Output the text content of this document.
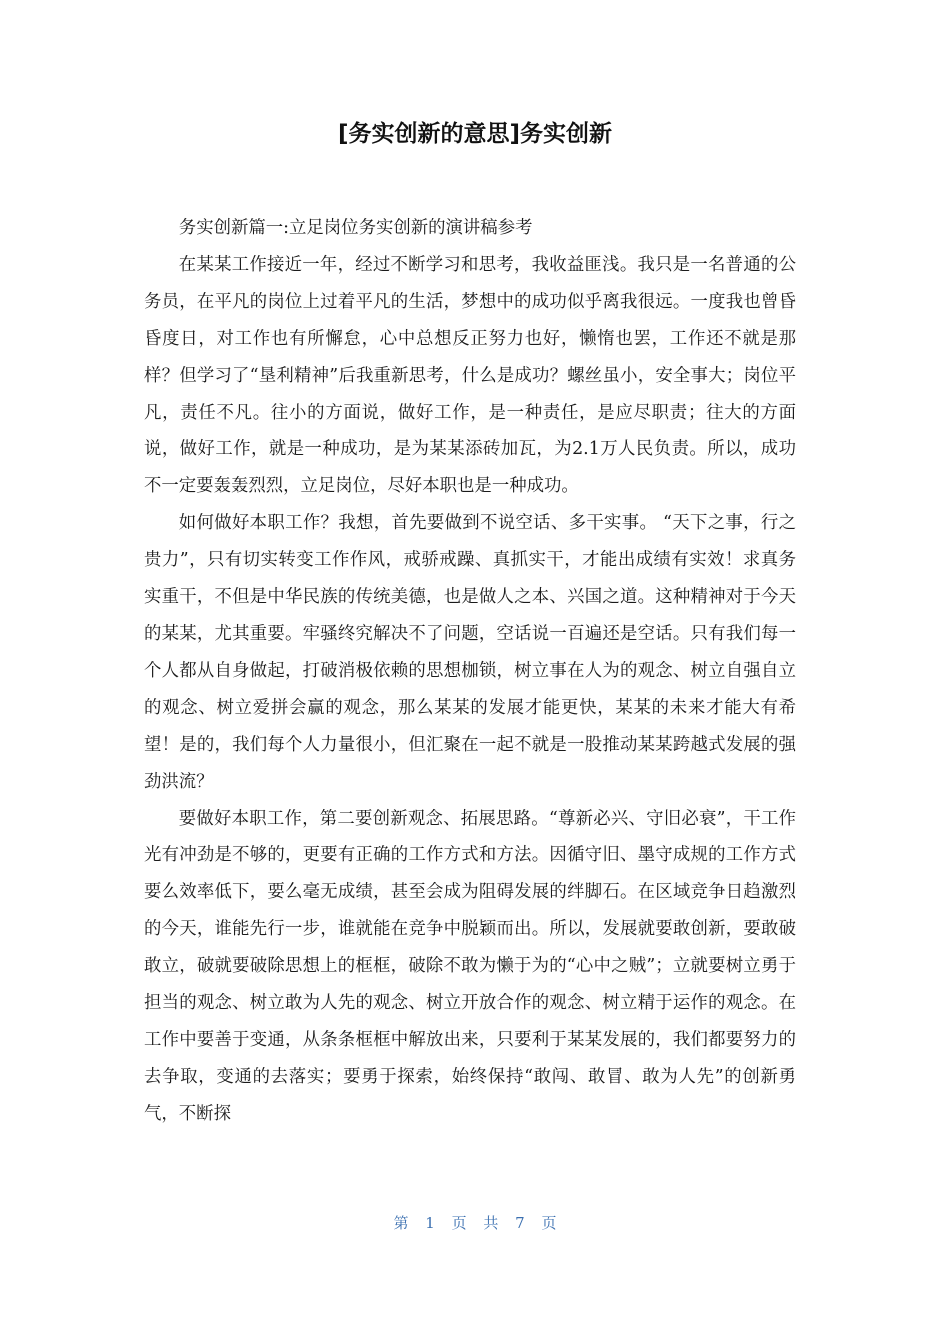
[务实创新的意思]务实创新

务实创新篇一:立足岗位务实创新的演讲稿参考

在某某工作接近一年，经过不断学习和思考，我收益匪浅。我只是一名普通的公务员，在平凡的岗位上过着平凡的生活，梦想中的成功似乎离我很远。一度我也曾昏昏度日，对工作也有所懈怠，心中总想反正努力也好，懒惰也罢，工作还不就是那样？但学习了“垦利精神”后我重新思考，什么是成功？螺丝虽小，安全事大；岗位平凡，责任不凡。往小的方面说，做好工作，是一种责任，是应尽职责；往大的方面说，做好工作，就是一种成功，是为某某添砖加瓦，为2.1万人民负责。所以，成功不一定要轰轰烈烈，立足岗位，尽好本职也是一种成功。

如何做好本职工作？我想，首先要做到不说空话、多干实事。 “天下之事，行之贵力”，只有切实转变工作作风，戒骄戒躁、真抓实干，才能出成绩有实效！求真务实重干，不但是中华民族的传统美德，也是做人之本、兴国之道。这种精神对于今天的某某，尤其重要。牢骚终究解决不了问题，空话说一百遍还是空话。只有我们每一个人都从自身做起，打破消极依赖的思想枷锁，树立事在人为的观念、树立自强自立的观念、树立爱拼会赢的观念，那么某某的发展才能更快，某某的未来才能大有希望！是的，我们每个人力量很小，但汇聚在一起不就是一股推动某某跨越式发展的强劲洪流？

要做好本职工作，第二要创新观念、拓展思路。“尊新必兴、守旧必衰”，干工作光有冲劲是不够的，更要有正确的工作方式和方法。因循守旧、墨守成规的工作方式要么效率低下，要么毫无成绩，甚至会成为阻碍发展的绊脚石。在区域竞争日趋激烈的今天，谁能先行一步，谁就能在竞争中脱颖而出。所以，发展就要敢创新，要敢破敢立，破就要破除思想上的框框，破除不敢为懒于为的“心中之贼”；立就要树立勇于担当的观念、树立敢为人先的观念、树立开放合作的观念、树立精于运作的观念。在工作中要善于变通，从条条框框中解放出来，只要利于某某发展的，我们都要努力的去争取，变通的去落实；要勇于探索，始终保持“敢闯、敢冒、敢为人先”的创新勇气，不断探

第 1 页 共 7 页
